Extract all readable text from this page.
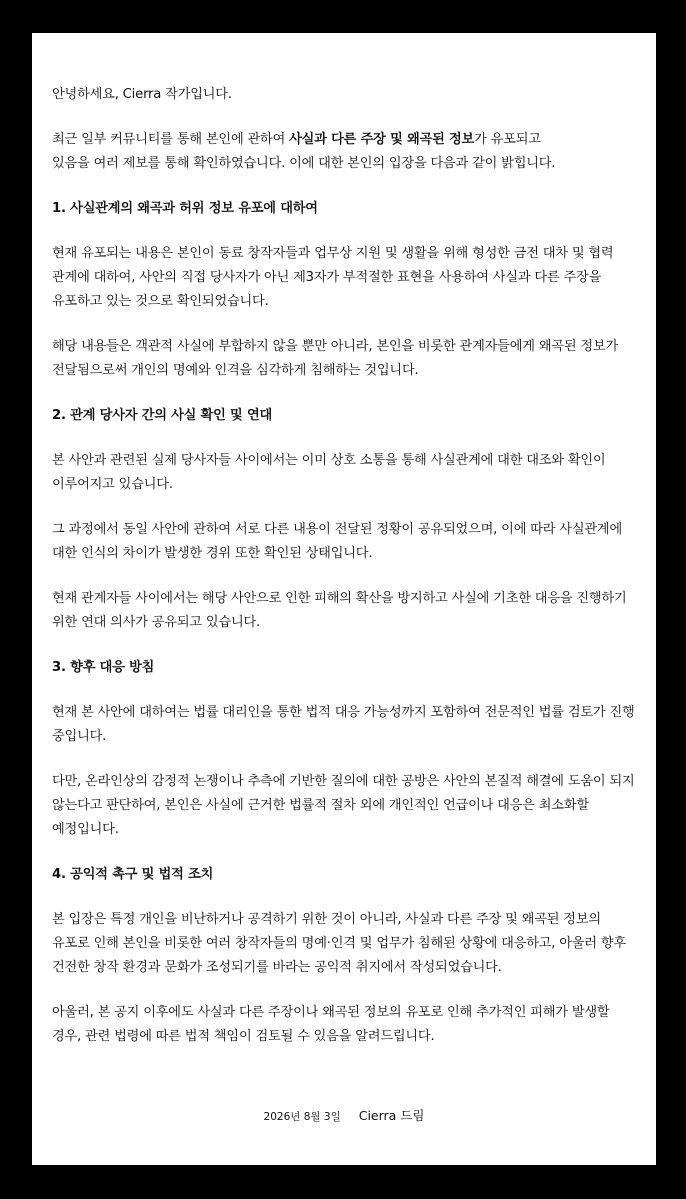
안녕하세요, Cierra 작가입니다.

최근 일부 커뮤니티를 통해 본인에 관하여 사실과 다른 주장 및 왜곡된 정보가 유포되고

있음을 여러 제보를 통해 확인하였습니다. 이에 대한 본인의 입장을 다음과 같이 밝힙니다.

1. 사실관계의 왜곡과 허위 정보 유포에 대하여

현재 유포되는 내용은 본인이 동료 창작자들과 업무상 지원 및 생활을 위해 형성한 금전 대차 및 협력

관계에 대하여, 사안의 직접 당사자가 아닌 제3자가 부적절한 표현을 사용하여 사실과 다른 주장을

유포하고 있는 것으로 확인되었습니다.

해당 내용들은 객관적 사실에 부합하지 않을 뿐만 아니라, 본인을 비롯한 관계자들에게 왜곡된 정보가

전달됨으로써 개인의 명예와 인격을 심각하게 침해하는 것입니다.

2. 관계 당사자 간의 사실 확인 및 연대

본 사안과 관련된 실제 당사자들 사이에서는 이미 상호 소통을 통해 사실관계에 대한 대조와 확인이

이루어지고 있습니다.

그 과정에서 동일 사안에 관하여 서로 다른 내용이 전달된 정황이 공유되었으며, 이에 따라 사실관계에

대한 인식의 차이가 발생한 경위 또한 확인된 상태입니다.

현재 관계자들 사이에서는 해당 사안으로 인한 피해의 확산을 방지하고 사실에 기초한 대응을 진행하기

위한 연대 의사가 공유되고 있습니다.

3. 향후 대응 방침

현재 본 사안에 대하여는 법률 대리인을 통한 법적 대응 가능성까지 포함하여 전문적인 법률 검토가 진행

중입니다.

다만, 온라인상의 감정적 논쟁이나 추측에 기반한 질의에 대한 공방은 사안의 본질적 해결에 도움이 되지

않는다고 판단하여, 본인은 사실에 근거한 법률적 절차 외에 개인적인 언급이나 대응은 최소화할

예정입니다.

4. 공익적 촉구 및 법적 조치

본 입장은 특정 개인을 비난하거나 공격하기 위한 것이 아니라, 사실과 다른 주장 및 왜곡된 정보의

유포로 인해 본인을 비롯한 여러 창작자들의 명예·인격 및 업무가 침해된 상황에 대응하고, 아울러 향후

건전한 창작 환경과 문화가 조성되기를 바라는 공익적 취지에서 작성되었습니다.

아울러, 본 공지 이후에도 사실과 다른 주장이나 왜곡된 정보의 유포로 인해 추가적인 피해가 발생할

경우, 관련 법령에 따른 법적 책임이 검토될 수 있음을 알려드립니다.

2026년 8월 3일 Cierra 드림
